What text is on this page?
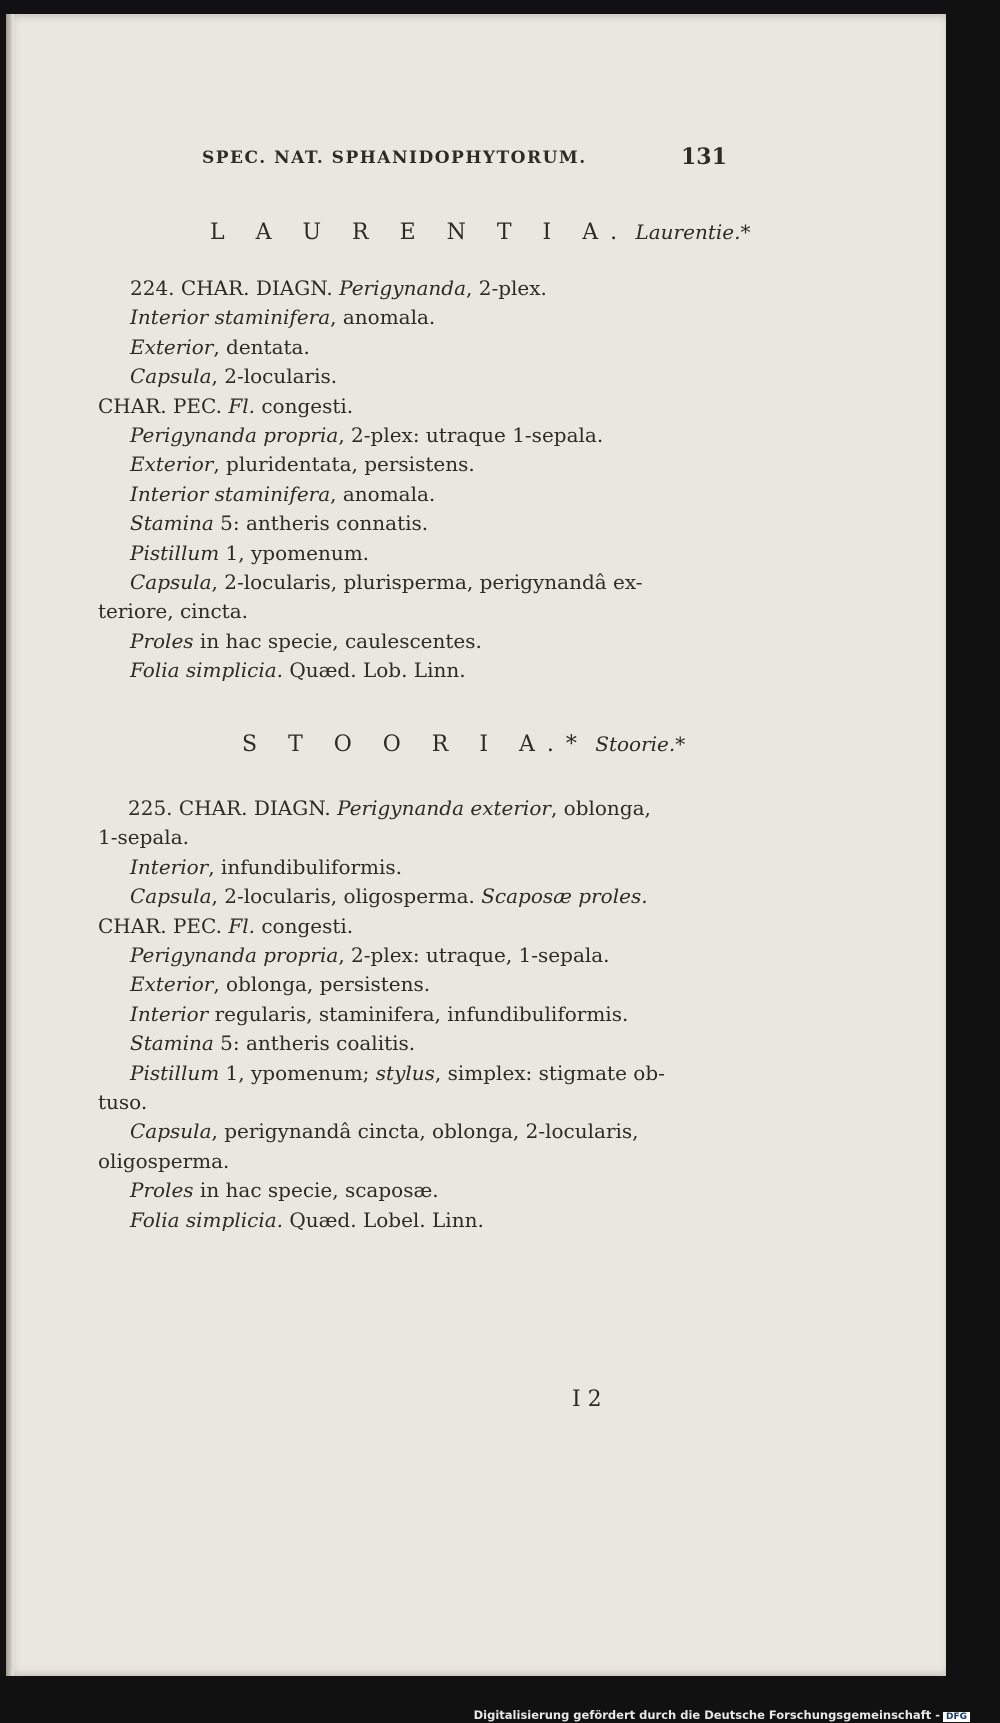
SPEC. NAT. SPHANIDOPHYTORUM.	131
L A U R E N T I A. Laurentie.*
224. CHAR. DIAGN. Perigynanda, 2-plex.
Interior staminifera, anomala.
Exterior, dentata.
Capsula, 2-locularis.
CHAR. PEC. Fl. congesti.
Perigynanda propria, 2-plex: utraque 1-sepala.
Exterior, pluridentata, persistens.
Interior staminifera, anomala.
Stamina 5: antheris connatis.
Pistillum 1, ypomenum.
Capsula, 2-locularis, plurisperma, perigynandâ ex-
teriore, cincta.
Proles in hac specie, caulescentes.
Folia simplicia. Quæd. Lob. Linn.
S T O O R I A.* Stoorie.*
225. CHAR. DIAGN. Perigynanda exterior, oblonga,
1-sepala.
Interior, infundibuliformis.
Capsula, 2-locularis, oligosperma. Scaposæ proles.
CHAR. PEC. Fl. congesti.
Perigynanda propria, 2-plex: utraque, 1-sepala.
Exterior, oblonga, persistens.
Interior regularis, staminifera, infundibuliformis.
Stamina 5: antheris coalitis.
Pistillum 1, ypomenum; stylus, simplex: stigmate ob-
tuso.
Capsula, perigynandâ cincta, oblonga, 2-locularis,
oligosperma.
Proles in hac specie, scaposæ.
Folia simplicia. Quæd. Lobel. Linn.
I 2
Digitalisierung gefördert durch die Deutsche Forschungsgemeinschaft - DFG
